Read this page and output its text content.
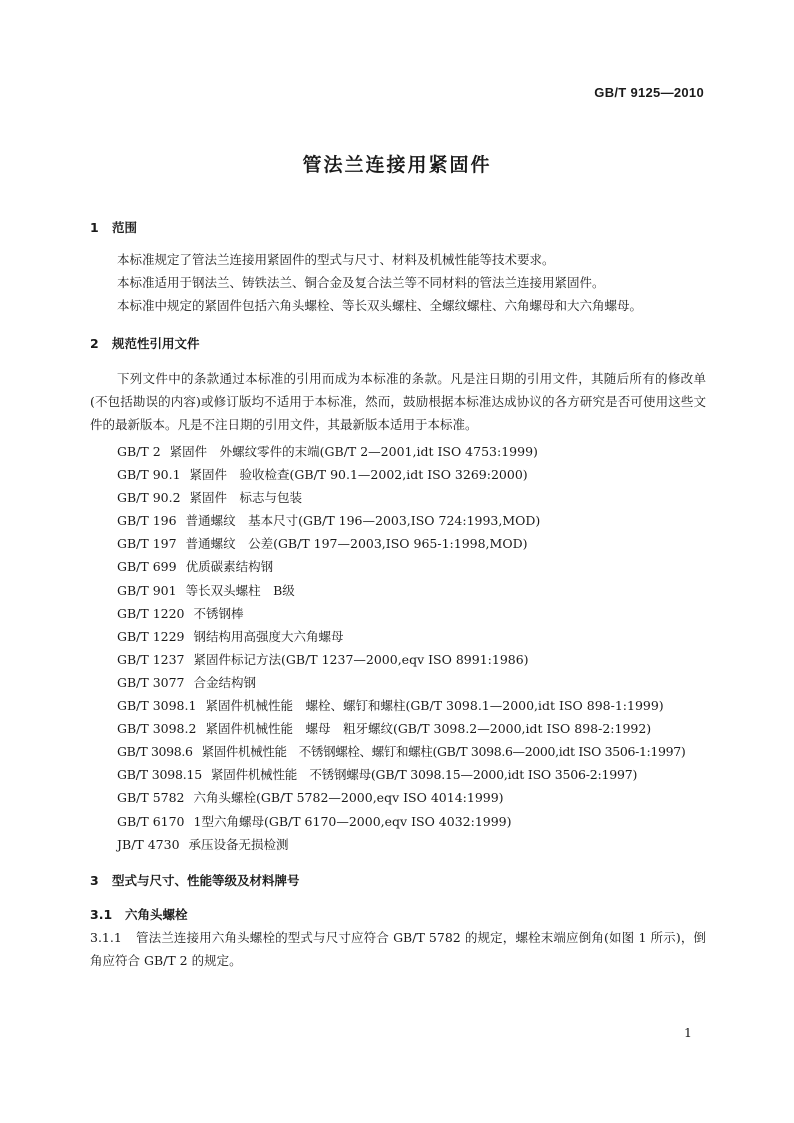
GB/T 9125—2010
管法兰连接用紧固件
1 范围
本标准规定了管法兰连接用紧固件的型式与尺寸、材料及机械性能等技术要求。
本标准适用于钢法兰、铸铁法兰、铜合金及复合法兰等不同材料的管法兰连接用紧固件。
本标准中规定的紧固件包括六角头螺栓、等长双头螺柱、全螺纹螺柱、六角螺母和大六角螺母。
2 规范性引用文件
下列文件中的条款通过本标准的引用而成为本标准的条款。凡是注日期的引用文件，其随后所有的修改单(不包括勘误的内容)或修订版均不适用于本标准，然而，鼓励根据本标准达成协议的各方研究是否可使用这些文件的最新版本。凡是不注日期的引用文件，其最新版本适用于本标准。
GB/T 2 紧固件　外螺纹零件的末端(GB/T 2—2001,idt ISO 4753:1999)
GB/T 90.1 紧固件　验收检查(GB/T 90.1—2002,idt ISO 3269:2000)
GB/T 90.2 紧固件　标志与包装
GB/T 196 普通螺纹　基本尺寸(GB/T 196—2003,ISO 724:1993,MOD)
GB/T 197 普通螺纹　公差(GB/T 197—2003,ISO 965-1:1998,MOD)
GB/T 699 优质碳素结构钢
GB/T 901 等长双头螺柱　B级
GB/T 1220 不锈钢棒
GB/T 1229 钢结构用高强度大六角螺母
GB/T 1237 紧固件标记方法(GB/T 1237—2000,eqv ISO 8991:1986)
GB/T 3077 合金结构钢
GB/T 3098.1 紧固件机械性能　螺栓、螺钉和螺柱(GB/T 3098.1—2000,idt ISO 898-1:1999)
GB/T 3098.2 紧固件机械性能　螺母　粗牙螺纹(GB/T 3098.2—2000,idt ISO 898-2:1992)
GB/T 3098.6 紧固件机械性能　不锈钢螺栓、螺钉和螺柱(GB/T 3098.6—2000,idt ISO 3506-1:1997)
GB/T 3098.15 紧固件机械性能　不锈钢螺母(GB/T 3098.15—2000,idt ISO 3506-2:1997)
GB/T 5782 六角头螺栓(GB/T 5782—2000,eqv ISO 4014:1999)
GB/T 6170 1型六角螺母(GB/T 6170—2000,eqv ISO 4032:1999)
JB/T 4730 承压设备无损检测
3 型式与尺寸、性能等级及材料牌号
3.1 六角头螺栓
3.1.1 管法兰连接用六角头螺栓的型式与尺寸应符合 GB/T 5782 的规定，螺栓末端应倒角(如图 1 所示)，倒角应符合 GB/T 2 的规定。
1
